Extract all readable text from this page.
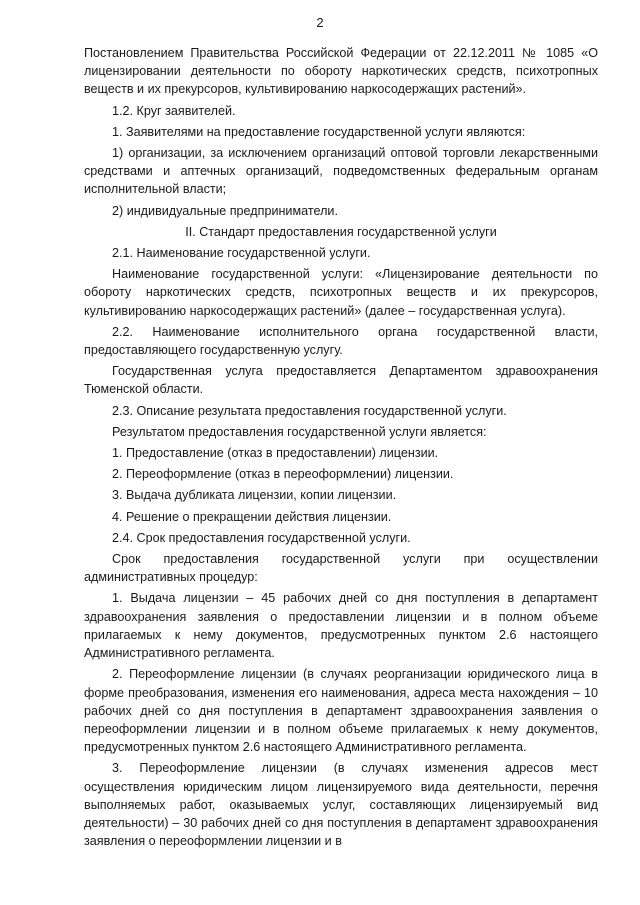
2

Постановлением Правительства Российской Федерации от 22.12.2011 № 1085 «О лицензировании деятельности по обороту наркотических средств, психотропных веществ и их прекурсоров, культивированию наркосодержащих растений».

1.2. Круг заявителей.

1. Заявителями на предоставление государственной услуги являются:

1) организации, за исключением организаций оптовой торговли лекарственными средствами и аптечных организаций, подведомственных федеральным органам исполнительной власти;

2) индивидуальные предприниматели.

II. Стандарт предоставления государственной услуги

2.1. Наименование государственной услуги.

Наименование государственной услуги: «Лицензирование деятельности по обороту наркотических средств, психотропных веществ и их прекурсоров, культивированию наркосодержащих растений» (далее – государственная услуга).

2.2. Наименование исполнительного органа государственной власти, предоставляющего государственную услугу.

Государственная услуга предоставляется Департаментом здравоохранения Тюменской области.

2.3. Описание результата предоставления государственной услуги.

Результатом предоставления государственной услуги является:

1. Предоставление (отказ в предоставлении) лицензии.

2. Переоформление (отказ в переоформлении) лицензии.

3. Выдача дубликата лицензии, копии лицензии.

4. Решение о прекращении действия лицензии.

2.4. Срок предоставления государственной услуги.

Срок предоставления государственной услуги при осуществлении административных процедур:

1. Выдача лицензии – 45 рабочих дней со дня поступления в департамент здравоохранения заявления о предоставлении лицензии и в полном объеме прилагаемых к нему документов, предусмотренных пунктом 2.6 настоящего Административного регламента.

2. Переоформление лицензии (в случаях реорганизации юридического лица в форме преобразования, изменения его наименования, адреса места нахождения – 10 рабочих дней со дня поступления в департамент здравоохранения заявления о переоформлении лицензии и в полном объеме прилагаемых к нему документов, предусмотренных пунктом 2.6 настоящего Административного регламента.

3. Переоформление лицензии (в случаях изменения адресов мест осуществления юридическим лицом лицензируемого вида деятельности, перечня выполняемых работ, оказываемых услуг, составляющих лицензируемый вид деятельности) – 30 рабочих дней со дня поступления в департамент здравоохранения заявления о переоформлении лицензии и в
